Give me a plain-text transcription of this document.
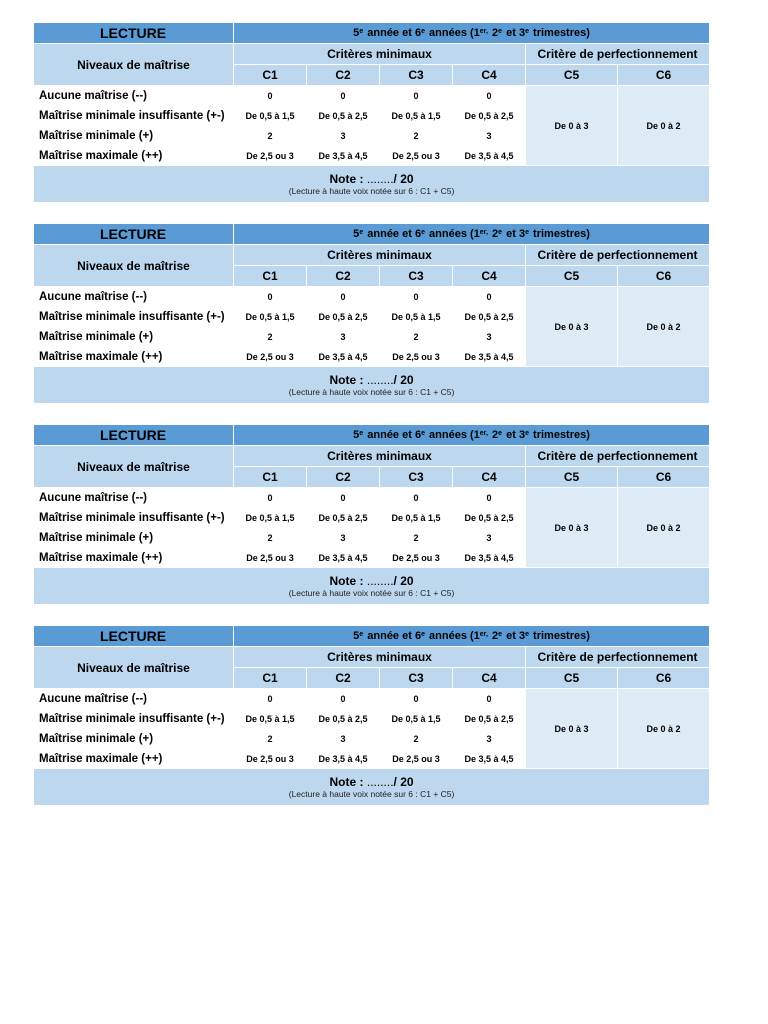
LECTURE	5e année et 6e années ($1^{er,}$ 2e et 3e trimestres)					
Niveaux de maîtrise	Critères minimaux				Critère de perfectionnement	
	C1	C2	C3	C4	C5	C6
Aucune maîtrise (--)	0	0	0	0	De 0 à 3	De 0 à 2
Maîtrise minimale insuffisante (+-)	De 0,5 à 1,5	De 0,5 à 2,5	De 0,5 à 1,5	De 0,5 à 2,5		
Maîtrise minimale (+)	2	3	2	3		
Maîtrise maximale (++)	De 2,5 ou 3	De 3,5 à 4,5	De 2,5 ou 3	De 3,5 à 4,5		

Note : ......../ 20
(Lecture à haute voix notée sur 6 : C1 + C5)						
LECTURE	5e année et 6e années ($1^{er,}$ 2e et 3e trimestres)					
Niveaux de maîtrise	Critères minimaux				Critère de perfectionnement	
	C1	C2	C3	C4	C5	C6
Aucune maîtrise (--)	0	0	0	0	De 0 à 3	De 0 à 2
Maîtrise minimale insuffisante (+-)	De 0,5 à 1,5	De 0,5 à 2,5	De 0,5 à 1,5	De 0,5 à 2,5		
Maîtrise minimale (+)	2	3	2	3		
Maîtrise maximale (++)	De 2,5 ou 3	De 3,5 à 4,5	De 2,5 ou 3	De 3,5 à 4,5		

Note : ......../ 20
(Lecture à haute voix notée sur 6 : C1 + C5)						
LECTURE	5e année et 6e années ($1^{er,}$ 2e et 3e trimestres)					
Niveaux de maîtrise	Critères minimaux				Critère de perfectionnement	
	C1	C2	C3	C4	C5	C6
Aucune maîtrise (--)	0	0	0	0	De 0 à 3	De 0 à 2
Maîtrise minimale insuffisante (+-)	De 0,5 à 1,5	De 0,5 à 2,5	De 0,5 à 1,5	De 0,5 à 2,5		
Maîtrise minimale (+)	2	3	2	3		
Maîtrise maximale (++)	De 2,5 ou 3	De 3,5 à 4,5	De 2,5 ou 3	De 3,5 à 4,5		

Note : ......../ 20
(Lecture à haute voix notée sur 6 : C1 + C5)						
LECTURE	5e année et 6e années ($1^{er,}$ 2e et 3e trimestres)					
Niveaux de maîtrise	Critères minimaux				Critère de perfectionnement	
	C1	C2	C3	C4	C5	C6
Aucune maîtrise (--)	0	0	0	0	De 0 à 3	De 0 à 2
Maîtrise minimale insuffisante (+-)	De 0,5 à 1,5	De 0,5 à 2,5	De 0,5 à 1,5	De 0,5 à 2,5		
Maîtrise minimale (+)	2	3	2	3		
Maîtrise maximale (++)	De 2,5 ou 3	De 3,5 à 4,5	De 2,5 ou 3	De 3,5 à 4,5		

Note : ......../ 20
(Lecture à haute voix notée sur 6 : C1 + C5)						
